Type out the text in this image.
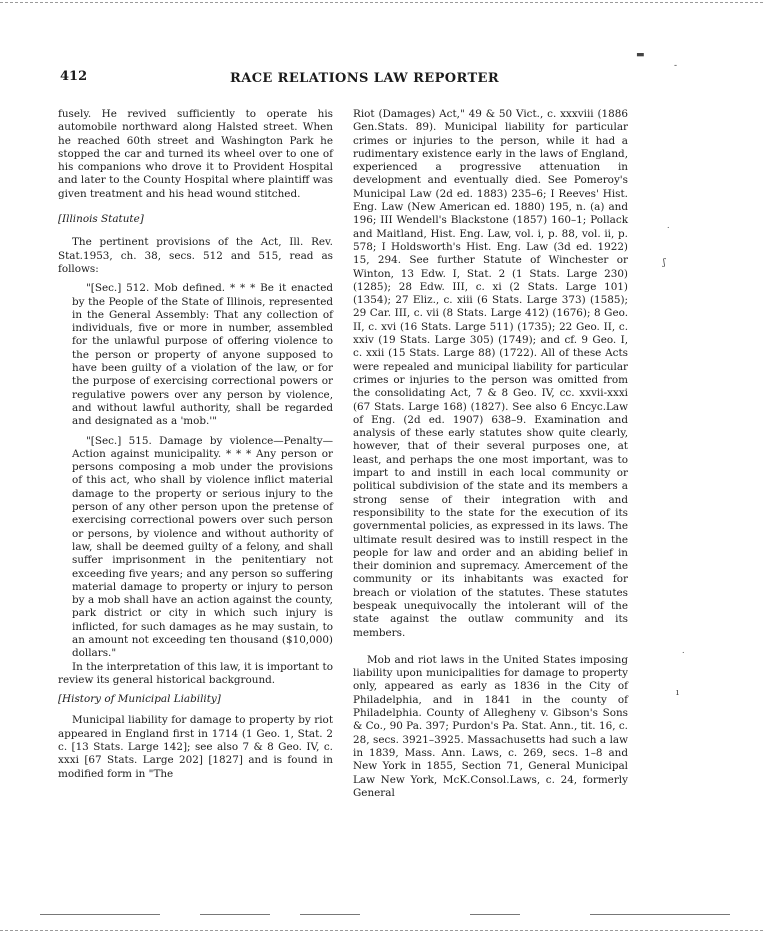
412	RACE RELATIONS LAW REPORTER

fusely. He revived sufficiently to operate his automobile northward along Halsted street. When he reached 60th street and Washington Park he stopped the car and turned its wheel over to one of his companions who drove it to Provident Hospital and later to the County Hospital where plaintiff was given treatment and his head wound stitched.

[Illinois Statute]

The pertinent provisions of the Act, Ill. Rev. Stat.1953, ch. 38, secs. 512 and 515, read as follows:

"[Sec.] 512. Mob defined. * * * Be it enacted by the People of the State of Illinois, represented in the General Assembly: That any collection of individuals, five or more in number, assembled for the unlawful purpose of offering violence to the person or property of anyone supposed to have been guilty of a violation of the law, or for the purpose of exercising correctional powers or regulative powers over any person by violence, and without lawful authority, shall be regarded and designated as a 'mob.'"

"[Sec.] 515. Damage by violence—Penalty—Action against municipality. * * * Any person or persons composing a mob under the provisions of this act, who shall by violence inflict material damage to the property or serious injury to the person of any other person upon the pretense of exercising correctional powers over such person or persons, by violence and without authority of law, shall be deemed guilty of a felony, and shall suffer imprisonment in the penitentiary not exceeding five years; and any person so suffering material damage to property or injury to person by a mob shall have an action against the county, park district or city in which such injury is inflicted, for such damages as he may sustain, to an amount not exceeding ten thousand ($10,000) dollars."

In the interpretation of this law, it is important to review its general historical background.

[History of Municipal Liability]

Municipal liability for damage to property by riot appeared in England first in 1714 (1 Geo. 1, Stat. 2 c. [13 Stats. Large 142]; see also 7 & 8 Geo. IV, c. xxxi [67 Stats. Large 202] [1827] and is found in modified form in "The

Riot (Damages) Act," 49 & 50 Vict., c. xxxviii (1886 Gen.Stats. 89). Municipal liability for particular crimes or injuries to the person, while it had a rudimentary existence early in the laws of England, experienced a progressive attenuation in development and eventually died. See Pomeroy's Municipal Law (2d ed. 1883) 235–6; I Reeves' Hist. Eng. Law (New American ed. 1880) 195, n. (a) and 196; III Wendell's Blackstone (1857) 160–1; Pollack and Maitland, Hist. Eng. Law, vol. i, p. 88, vol. ii, p. 578; I Holdsworth's Hist. Eng. Law (3d ed. 1922) 15, 294. See further Statute of Winchester or Winton, 13 Edw. I, Stat. 2 (1 Stats. Large 230) (1285); 28 Edw. III, c. xi (2 Stats. Large 101) (1354); 27 Eliz., c. xiii (6 Stats. Large 373) (1585); 29 Car. III, c. vii (8 Stats. Large 412) (1676); 8 Geo. II, c. xvi (16 Stats. Large 511) (1735); 22 Geo. II, c. xxiv (19 Stats. Large 305) (1749); and cf. 9 Geo. I, c. xxii (15 Stats. Large 88) (1722). All of these Acts were repealed and municipal liability for particular crimes or injuries to the person was omitted from the consolidating Act, 7 & 8 Geo. IV, cc. xxvii-xxxi (67 Stats. Large 168) (1827). See also 6 Encyc.Law of Eng. (2d ed. 1907) 638–9. Examination and analysis of these early statutes show quite clearly, however, that of their several purposes one, at least, and perhaps the one most important, was to impart to and instill in each local community or political subdivision of the state and its members a strong sense of their integration with and responsibility to the state for the execution of its governmental policies, as expressed in its laws. The ultimate result desired was to instill respect in the people for law and order and an abiding belief in their dominion and supremacy. Amercement of the community or its inhabitants was exacted for breach or violation of the statutes. These statutes bespeak unequivocally the intolerant will of the state against the outlaw community and its members.

Mob and riot laws in the United States imposing liability upon municipalities for damage to property only, appeared as early as 1836 in the City of Philadelphia, and in 1841 in the county of Philadelphia. County of Allegheny v. Gibson's Sons & Co., 90 Pa. 397; Purdon's Pa. Stat. Ann., tit. 16, c. 28, secs. 3921–3925. Massachusetts had such a law in 1839, Mass. Ann. Laws, c. 269, secs. 1–8 and New York in 1855, Section 71, General Municipal Law New York, McK.Consol.Laws, c. 24, formerly General

▬
-
˙
ʃ
˙
ı
